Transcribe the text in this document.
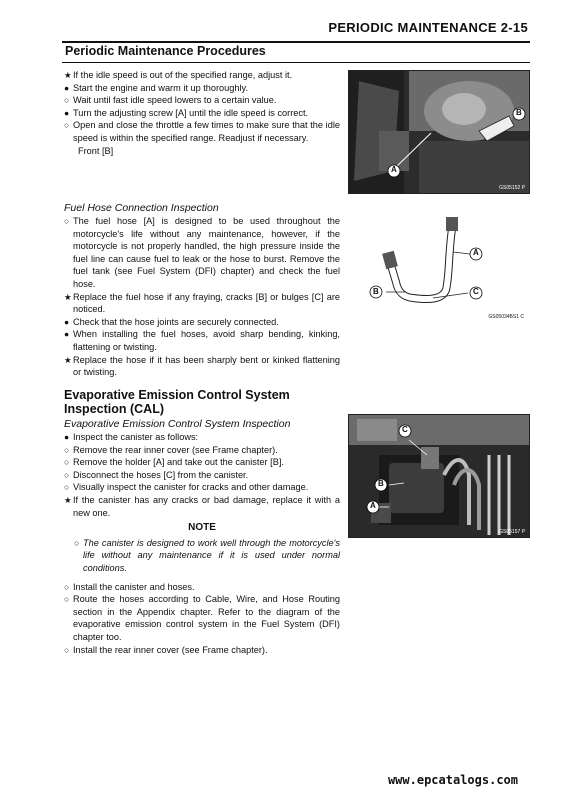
PERIODIC MAINTENANCE 2-15
Periodic Maintenance Procedures
★ If the idle speed is out of the specified range, adjust it.
● Start the engine and warm it up thoroughly.
○ Wait until fast idle speed lowers to a certain value.
● Turn the adjusting screw [A] until the idle speed is correct.
○ Open and close the throttle a few times to make sure that the idle speed is within the specified range. Readjust if necessary.
Front [B]
A
B
GS05152 P
Fuel Hose Connection Inspection
○ The fuel hose [A] is designed to be used throughout the motorcycle's life without any maintenance, however, if the motorcycle is not properly handled, the high pressure inside the fuel line can cause fuel to leak or the hose to burst. Remove the fuel tank (see Fuel System (DFI) chapter) and check the fuel hose.
★ Replace the fuel hose if any fraying, cracks [B] or bulges [C] are noticed.
● Check that the hose joints are securely connected.
● When installing the fuel hoses, avoid sharp bending, kinking, flattening or twisting.
★ Replace the hose if it has been sharply bent or kinked flattening or twisting.
A
B	C
GS05034BS1 C
Evaporative Emission Control System Inspection (CAL)
Evaporative Emission Control System Inspection
● Inspect the canister as follows:
○ Remove the rear inner cover (see Frame chapter).
○ Remove the holder [A] and take out the canister [B].
○ Disconnect the hoses [C] from the canister.
○ Visually inspect the canister for cracks and other damage.
★ If the canister has any cracks or bad damage, replace it with a new one.
NOTE
○ The canister is designed to work well through the motorcycle's life without any maintenance if it is used under normal conditions.
○ Install the canister and hoses.
○ Route the hoses according to Cable, Wire, and Hose Routing section in the Appendix chapter. Refer to the diagram of the evaporative emission control system in the Fuel System (DFI) chapter too.
○ Install the rear inner cover (see Frame chapter).
A
B
C
GS05157 P
www.epcatalogs.com
